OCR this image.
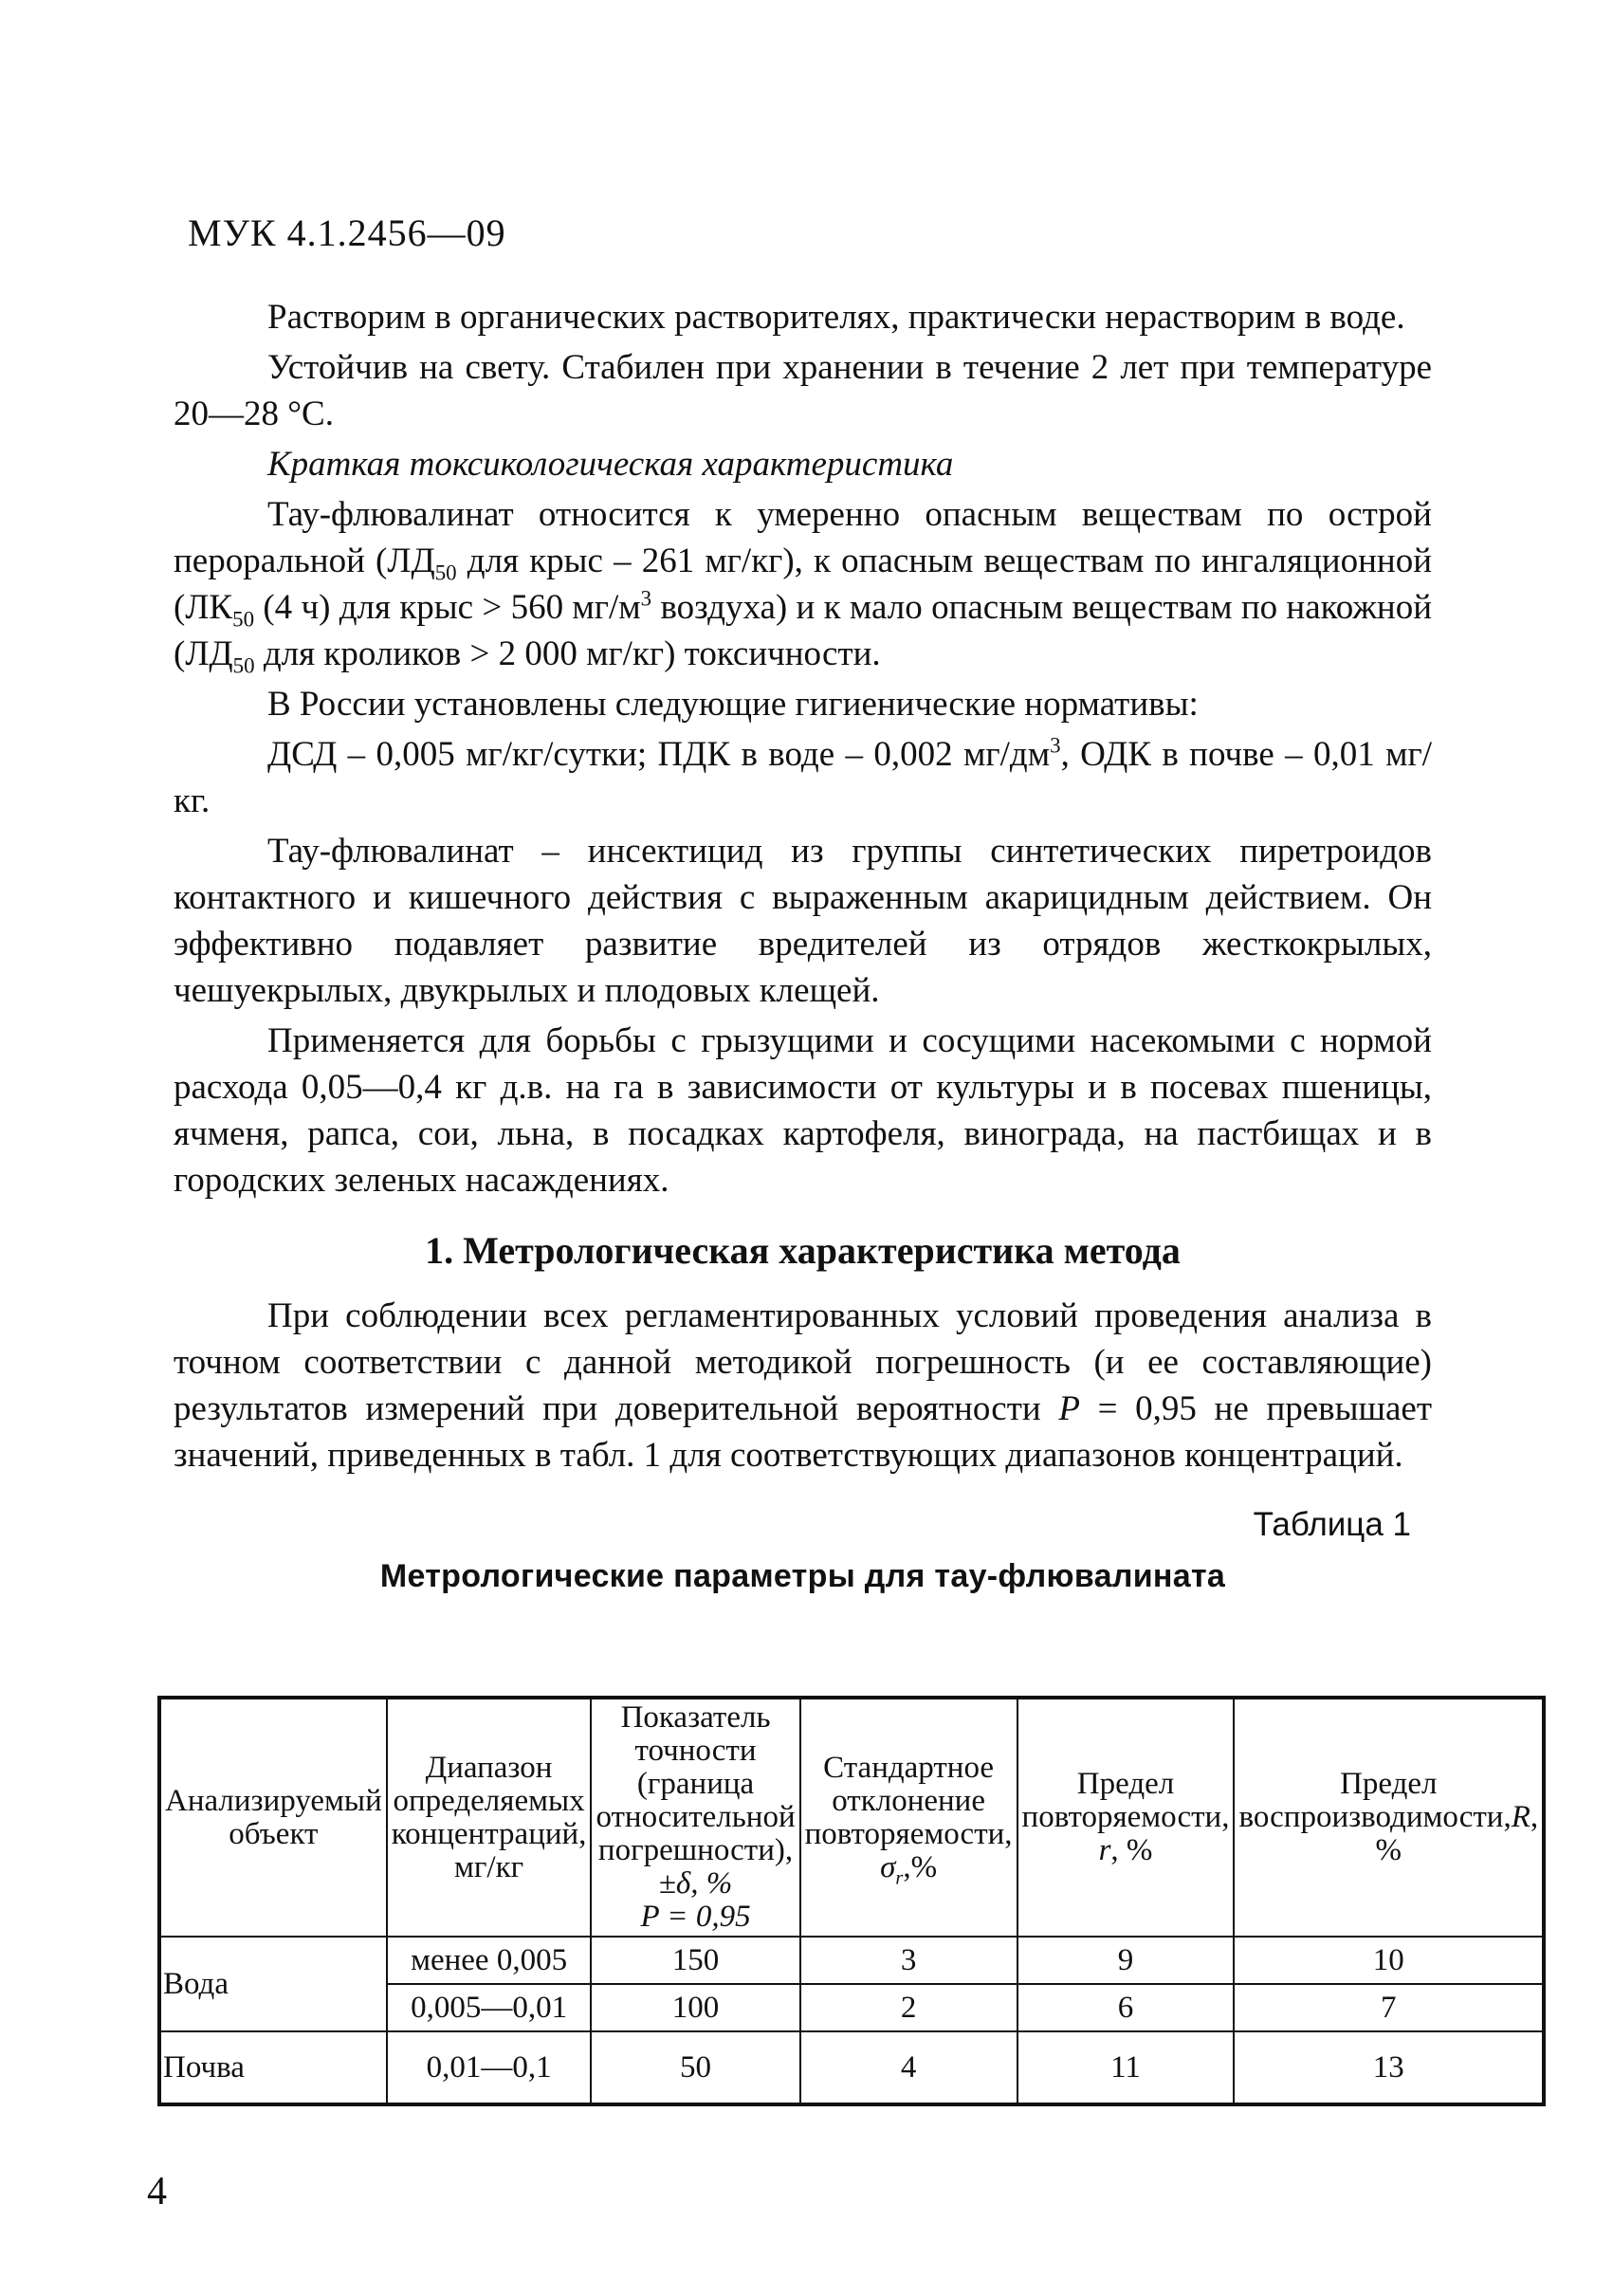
МУК 4.1.2456—09

Растворим в органических растворителях, практически нерастворим в воде.

Устойчив на свету. Стабилен при хранении в течение 2 лет при температуре 20—28 °С.

Краткая токсикологическая характеристика

Тау-флювалинат относится к умеренно опасным веществам по острой пероральной ($ЛД_{50}$ для крыс – 261 мг/кг), к опасным веществам по ингаляционной ($ЛК_{50}$ (4 ч) для крыс > 560 $мг/м^3$ воздуха) и к мало опасным веществам по накожной ($ЛД_{50}$ для кроликов > 2 000 мг/кг) токсичности.

В России установлены следующие гигиенические нормативы:

ДСД – 0,005 мг/кг/сутки; ПДК в воде – 0,002 $мг/дм^3$, ОДК в почве – 0,01 мг/кг.

Тау-флювалинат – инсектицид из группы синтетических пиретроидов контактного и кишечного действия с выраженным акарицидным действием. Он эффективно подавляет развитие вредителей из отрядов жесткокрылых, чешуекрылых, двукрылых и плодовых клещей.

Применяется для борьбы с грызущими и сосущими насекомыми с нормой расхода 0,05—0,4 кг д.в. на га в зависимости от культуры и в посевах пшеницы, ячменя, рапса, сои, льна, в посадках картофеля, винограда, на пастбищах и в городских зеленых насаждениях.

1. Метрологическая характеристика метода

При соблюдении всех регламентированных условий проведения анализа в точном соответствии с данной методикой погрешность (и ее составляющие) результатов измерений при доверительной вероятности P = 0,95 не превышает значений, приведенных в табл. 1 для соответствующих диапазонов концентраций.

Таблица 1
Метрологические параметры для тау-флювалината
Анализируемый объект	Диапазон определяемых концентраций, мг/кг	Показатель точности (граница относительной погрешности),
±δ, %
P = 0,95	Стандартное отклонение повторяемости, $\sigma_r,\%$	Предел повторяемости, r, %	Предел воспроизводимости,R, %
Вода	менее 0,005	150	3	9	10
	0,005—0,01	100	2	6	7
Почва	0,01—0,1	50	4	11	13
4
